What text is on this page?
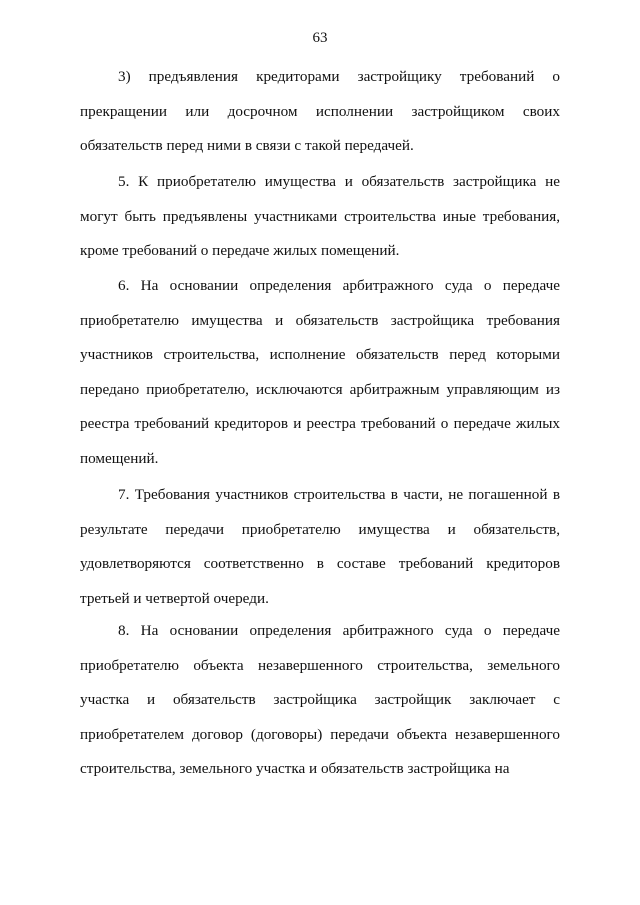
63

3) предъявления кредиторами застройщику требований о прекращении или досрочном исполнении застройщиком своих обязательств перед ними в связи с такой передачей.

5. К приобретателю имущества и обязательств застройщика не могут быть предъявлены участниками строительства иные требования, кроме требований о передаче жилых помещений.

6. На основании определения арбитражного суда о передаче приобретателю имущества и обязательств застройщика требования участников строительства, исполнение обязательств перед которыми передано приобретателю, исключаются арбитражным управляющим из реестра требований кредиторов и реестра требований о передаче жилых помещений.

7. Требования участников строительства в части, не погашенной в результате передачи приобретателю имущества и обязательств, удовлетворяются соответственно в составе требований кредиторов третьей и четвертой очереди.

8. На основании определения арбитражного суда о передаче приобретателю объекта незавершенного строительства, земельного участка и обязательств застройщика застройщик заключает с приобретателем договор (договоры) передачи объекта незавершенного строительства, земельного участка и обязательств застройщика на
